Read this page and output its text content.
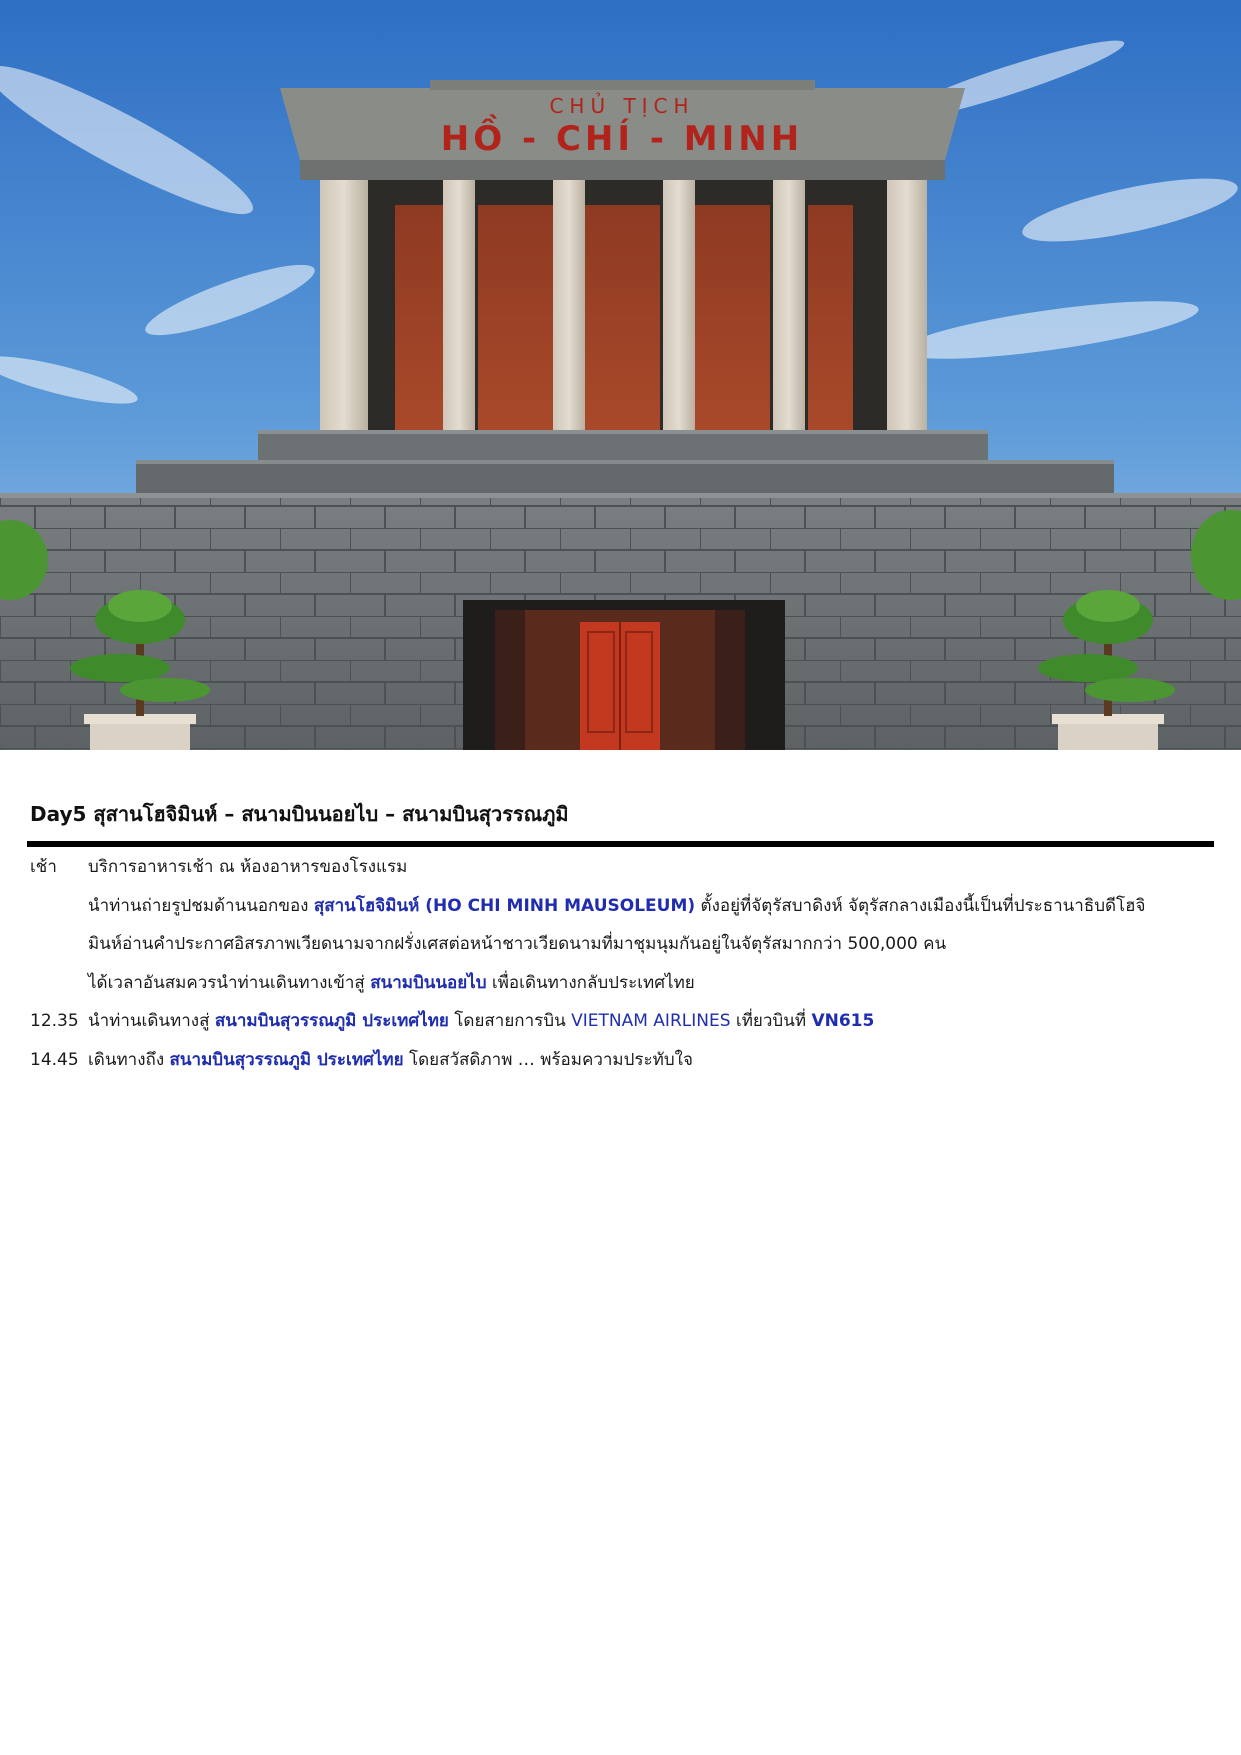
CHỦ TỊCH
HỒ - CHÍ - MINH
Day5 สุสานโฮจิมินห์ – สนามบินนอยไบ – สนามบินสุวรรณภูมิ
เช้า	บริการอาหารเช้า ณ ห้องอาหารของโรงแรม
นำท่านถ่ายรูปชมด้านนอกของ สุสานโฮจิมินห์ (HO CHI MINH MAUSOLEUM) ตั้งอยู่ที่จัตุรัสบาดิงห์ จัตุรัสกลางเมืองนี้เป็นที่ประธานาธิบดีโฮจิ
มินห์อ่านคำประกาศอิสรภาพเวียดนามจากฝรั่งเศสต่อหน้าชาวเวียดนามที่มาชุมนุมกันอยู่ในจัตุรัสมากกว่า 500,000 คน
ได้เวลาอันสมควรนำท่านเดินทางเข้าสู่ สนามบินนอยไบ เพื่อเดินทางกลับประเทศไทย
12.35 นำท่านเดินทางสู่ สนามบินสุวรรณภูมิ ประเทศไทย โดยสายการบิน VIETNAM AIRLINES เที่ยวบินที่ VN615
14.45 เดินทางถึง สนามบินสุวรรณภูมิ ประเทศไทย โดยสวัสดิภาพ … พร้อมความประทับใจ
